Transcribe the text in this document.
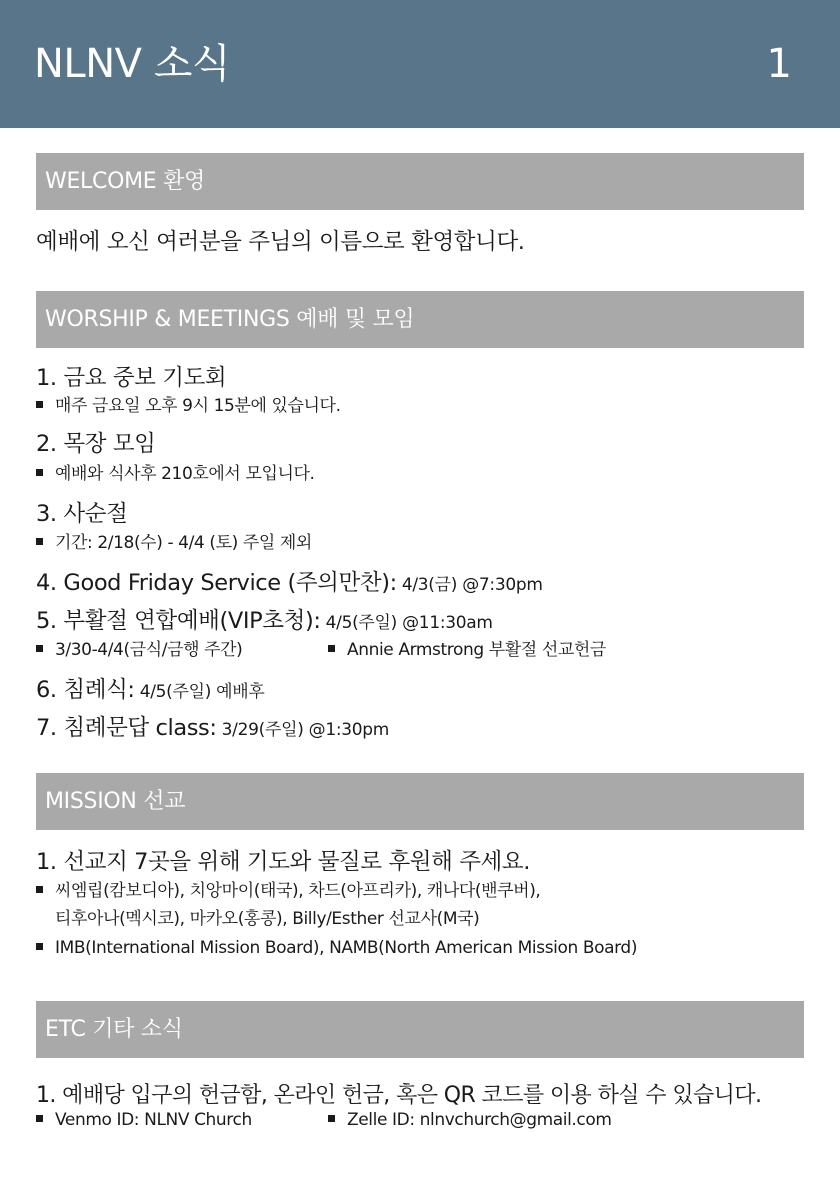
NLNV 소식	1
WELCOME 환영
예배에 오신 여러분을 주님의 이름으로 환영합니다.
WORSHIP & MEETINGS 예배 및 모임
1. 금요 중보 기도회
매주 금요일 오후 9시 15분에 있습니다.
2. 목장 모임
예배와 식사후 210호에서 모입니다.
3. 사순절
기간: 2/18(수) - 4/4 (토) 주일 제외
4. Good Friday Service (주의만찬): 4/3(금) @7:30pm
5. 부활절 연합예배(VIP초청): 4/5(주일) @11:30am
3/30-4/4(금식/금행 주간)	Annie Armstrong 부활절 선교헌금
6. 침례식: 4/5(주일) 예배후
7. 침례문답 class: 3/29(주일) @1:30pm
MISSION 선교
1. 선교지 7곳을 위해 기도와 물질로 후원해 주세요.
씨엠립(캄보디아), 치앙마이(태국), 차드(아프리카), 캐나다(밴쿠버),
티후아나(멕시코), 마카오(홍콩), Billy/Esther 선교사(M국)
IMB(International Mission Board), NAMB(North American Mission Board)
ETC 기타 소식
1. 예배당 입구의 헌금함, 온라인 헌금, 혹은 QR 코드를 이용 하실 수 있습니다.
Venmo ID: NLNV Church	Zelle ID: nlnvchurch@gmail.com
